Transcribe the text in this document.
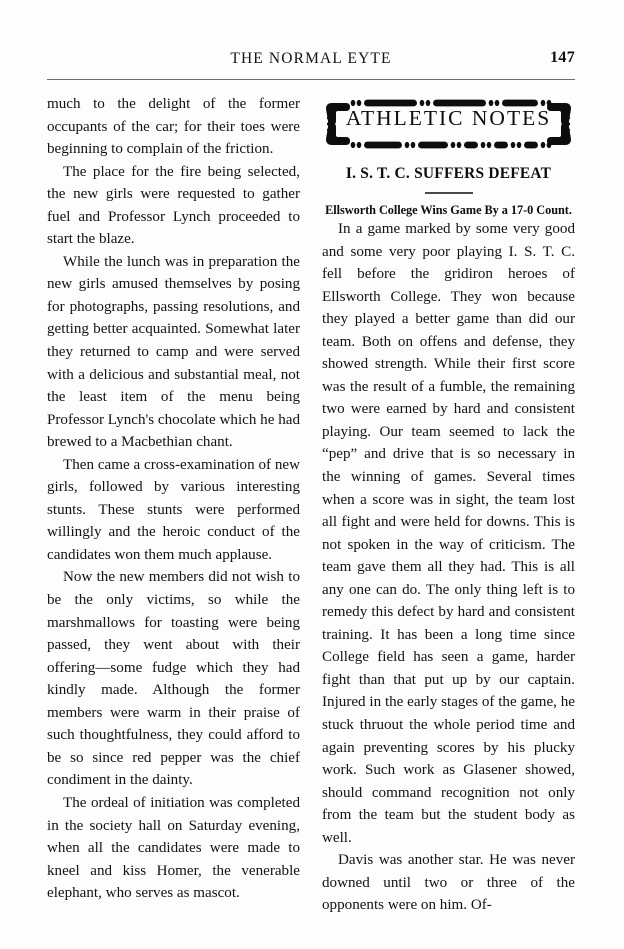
THE NORMAL EYTE	147

much to the delight of the former occupants of the car; for their toes were beginning to complain of the friction.

The place for the fire being selected, the new girls were requested to gather fuel and Professor Lynch proceeded to start the blaze.

While the lunch was in preparation the new girls amused themselves by posing for photographs, passing resolutions, and getting better acquainted. Somewhat later they returned to camp and were served with a delicious and substantial meal, not the least item of the menu being Professor Lynch's chocolate which he had brewed to a Macbethian chant.

Then came a cross-examination of new girls, followed by various interesting stunts. These stunts were performed willingly and the heroic conduct of the candidates won them much applause.

Now the new members did not wish to be the only victims, so while the marshmallows for toasting were being passed, they went about with their offering—some fudge which they had kindly made. Although the former members were warm in their praise of such thoughtfulness, they could afford to be so since red pepper was the chief condiment in the dainty.

The ordeal of initiation was completed in the society hall on Saturday evening, when all the candidates were made to kneel and kiss Homer, the venerable elephant, who serves as mascot.

ATHLETIC NOTES
I. S. T. C. SUFFERS DEFEAT
Ellsworth College Wins Game By a 17-0 Count.

In a game marked by some very good and some very poor playing I. S. T. C. fell before the gridiron heroes of Ellsworth College. They won because they played a better game than did our team. Both on offens and defense, they showed strength. While their first score was the result of a fumble, the remaining two were earned by hard and consistent playing. Our team seemed to lack the “pep” and drive that is so necessary in the winning of games. Several times when a score was in sight, the team lost all fight and were held for downs. This is not spoken in the way of criticism. The team gave them all they had. This is all any one can do. The only thing left is to remedy this defect by hard and consistent training. It has been a long time since College field has seen a game, harder fight than that put up by our captain. Injured in the early stages of the game, he stuck thruout the whole period time and again preventing scores by his plucky work. Such work as Glasener showed, should command recognition not only from the team but the student body as well.

Davis was another star. He was never downed until two or three of the opponents were on him. Of-
